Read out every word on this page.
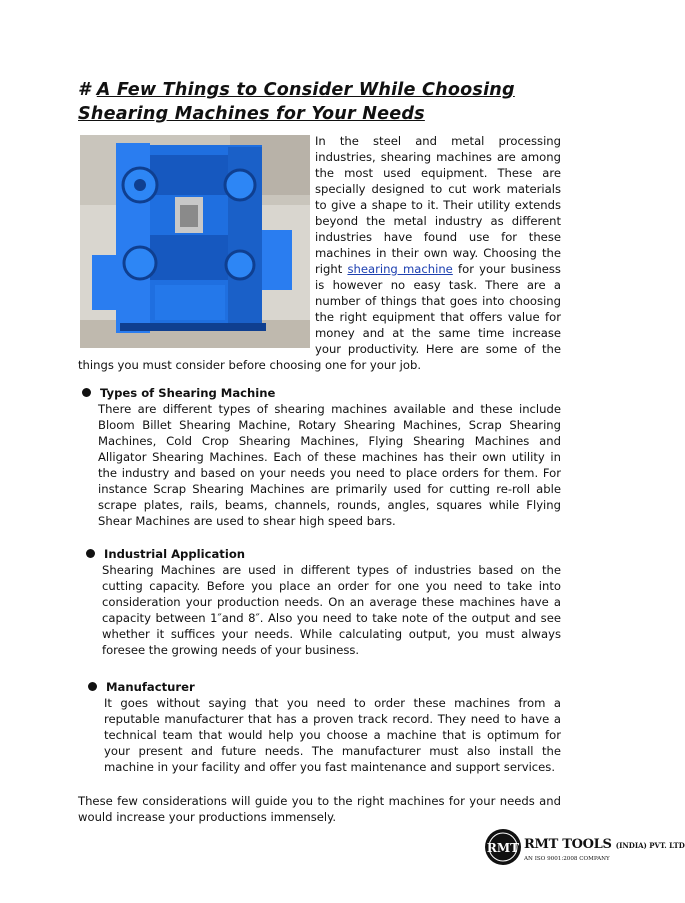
# A Few Things to Consider While Choosing Shearing Machines for Your Needs

In the steel and metal processing industries, shearing machines are among the most used equipment. These are specially designed to cut work materials to give a shape to it. Their utility extends beyond the metal industry as different industries have found use for these machines in their own way. Choosing the right shearing machine for your business is however no easy task. There are a number of things that goes into choosing the right equipment that offers value for money and at the same time increase your productivity. Here are some of the things you must consider before choosing one for your job.

Types of Shearing Machine

There are different types of shearing machines available and these include Bloom Billet Shearing Machine, Rotary Shearing Machines, Scrap Shearing Machines, Cold Crop Shearing Machines, Flying Shearing Machines and Alligator Shearing Machines. Each of these machines has their own utility in the industry and based on your needs you need to place orders for them. For instance Scrap Shearing Machines are primarily used for cutting re-roll able scrape plates, rails, beams, channels, rounds, angles, squares while Flying Shear Machines are used to shear high speed bars.

Industrial Application

Shearing Machines are used in different types of industries based on the cutting capacity. Before you place an order for one you need to take into consideration your production needs. On an average these machines have a capacity between 1″and 8″. Also you need to take note of the output and see whether it suffices your needs. While calculating output, you must always foresee the growing needs of your business.

Manufacturer

It goes without saying that you need to order these machines from a reputable manufacturer that has a proven track record. They need to have a technical team that would help you choose a machine that is optimum for your present and future needs. The manufacturer must also install the machine in your facility and offer you fast maintenance and support services.

These few considerations will guide you to the right machines for your needs and would increase your productions immensely.

RMT RMT TOOLS (INDIA) PVT. LTD
AN ISO 9001:2008 COMPANY
